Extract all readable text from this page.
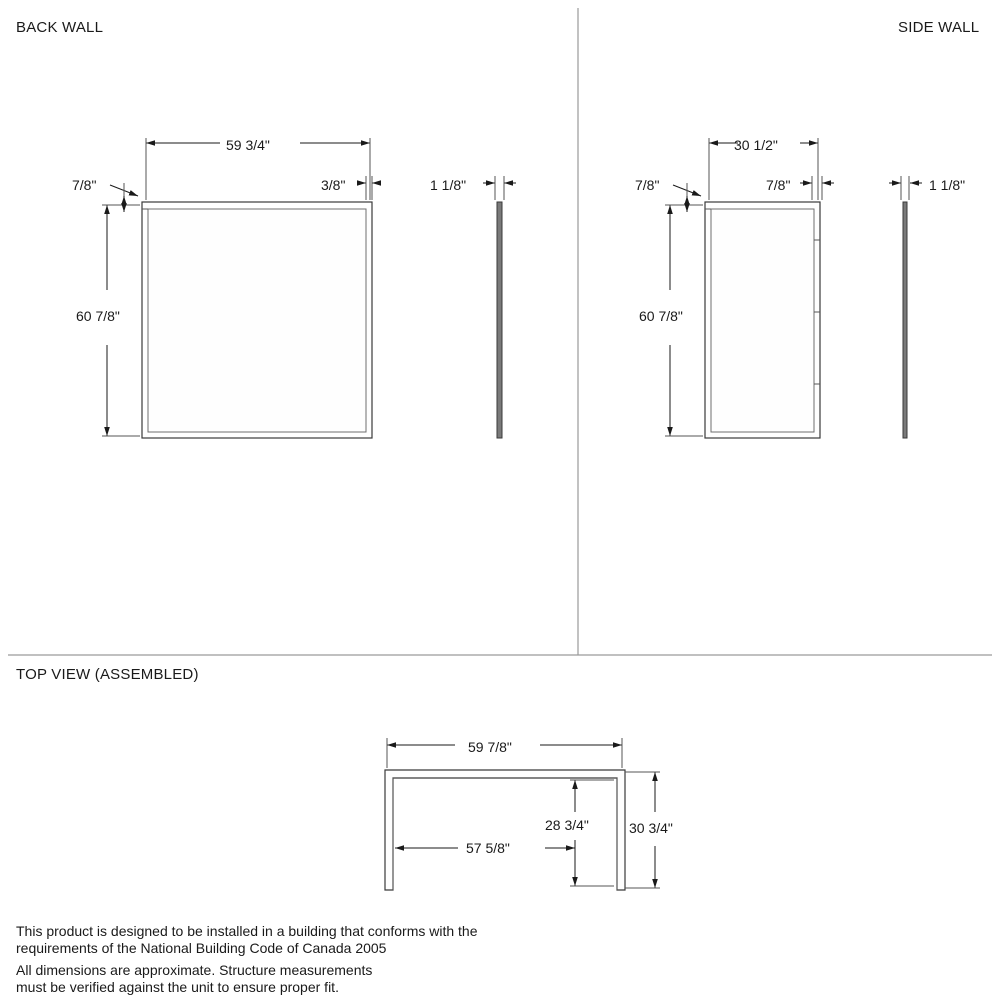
BACK WALL	SIDE WALL
TOP VIEW (ASSEMBLED)
59 3/4"
60 7/8"
7/8"	3/8"	1 1/8"
30 1/2"
60 7/8"
7/8"	7/8"	1 1/8"
59 7/8"
57 5/8"
28 3/4"	30 3/4"
This product is designed to be installed in a building that conforms with the
requirements of the National Building Code of Canada 2005
All dimensions are approximate. Structure measurements
must be verified against the unit to ensure proper fit.
